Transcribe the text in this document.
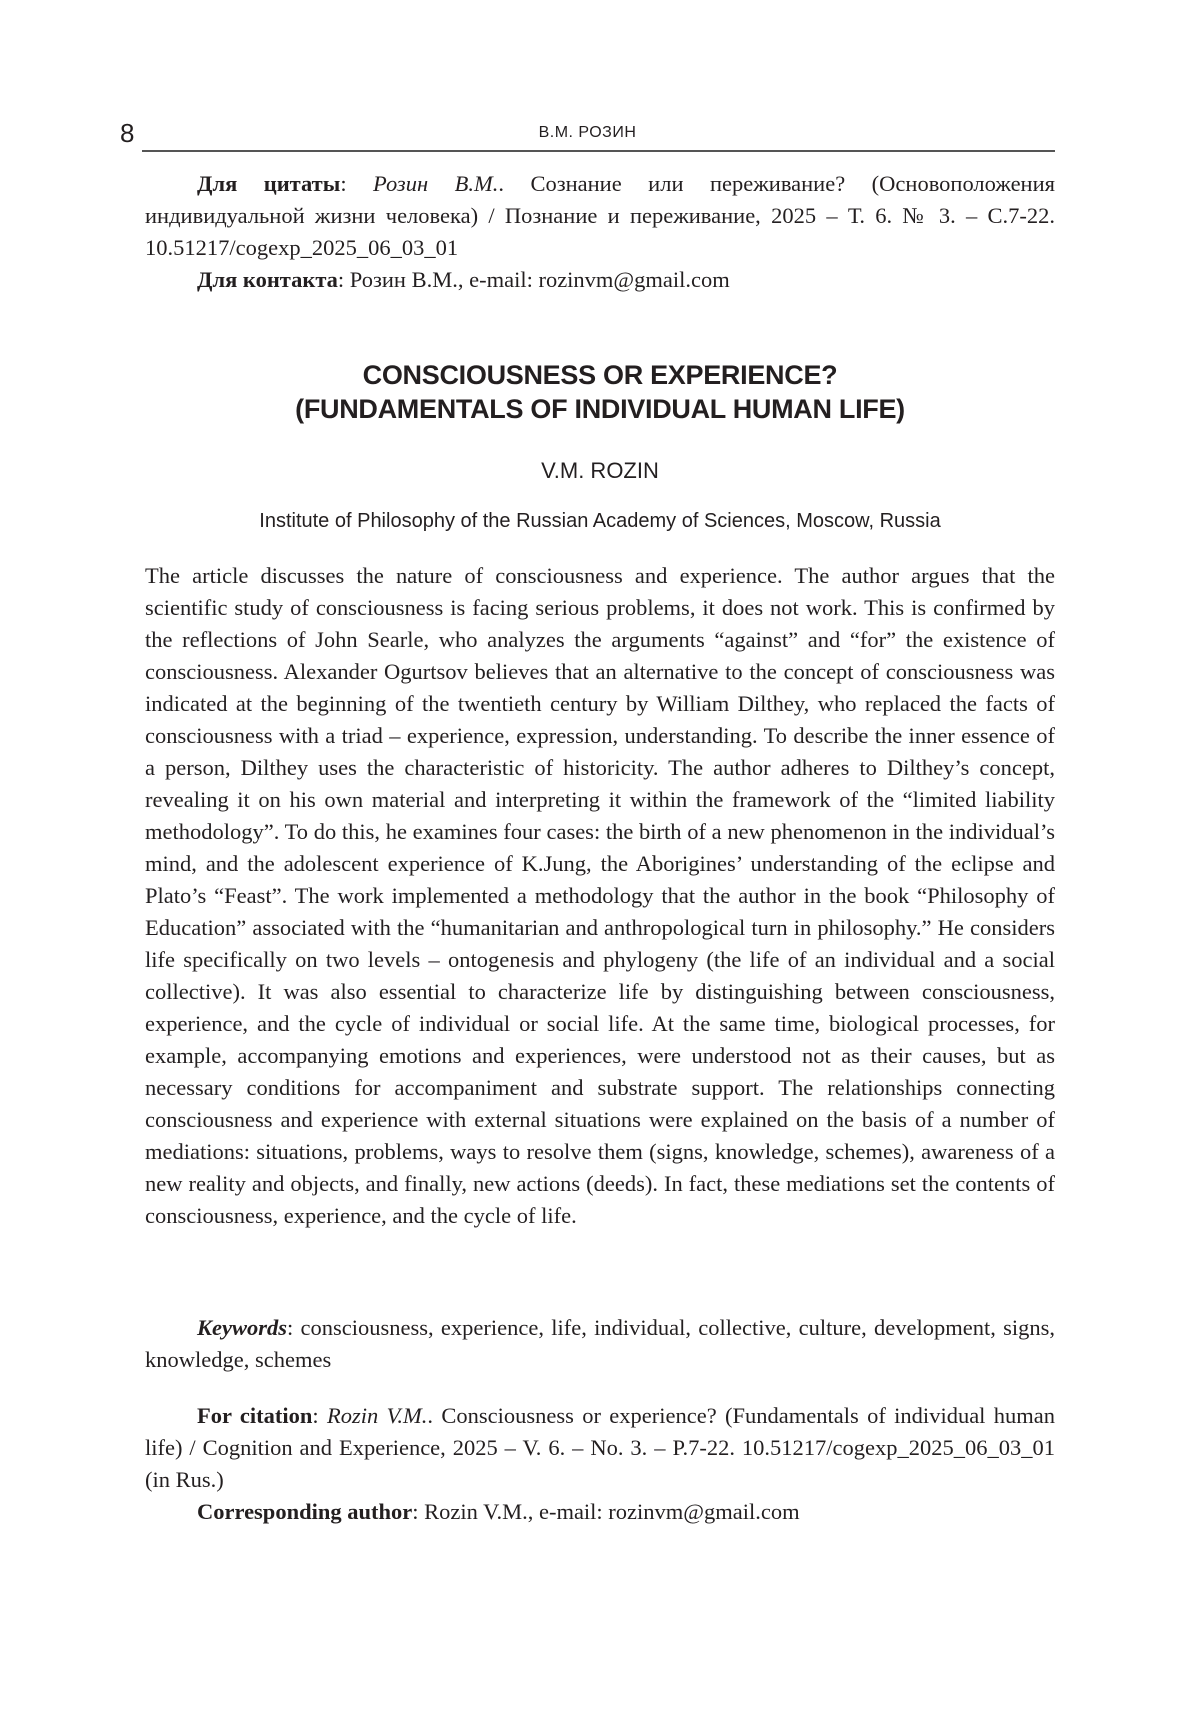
8	В.М. РОЗИН

Для цитаты: Розин В.М.. Сознание или переживание? (Основоположения индивидуальной жизни человека) / Познание и переживание, 2025 – Т. 6. № 3. – С.7-22. 10.51217/cogexp_2025_06_03_01

Для контакта: Розин В.М., e-mail: rozinvm@gmail.com

CONSCIOUSNESS OR EXPERIENCE?
(FUNDAMENTALS OF INDIVIDUAL HUMAN LIFE)
V.M. ROZIN
Institute of Philosophy of the Russian Academy of Sciences, Moscow, Russia

The article discusses the nature of consciousness and experience. The author argues that the scientific study of consciousness is facing serious problems, it does not work. This is confirmed by the reflections of John Searle, who analyzes the arguments “against” and “for” the existence of consciousness. Alexander Ogurtsov believes that an alternative to the concept of consciousness was indicated at the beginning of the twentieth century by William Dilthey, who replaced the facts of consciousness with a triad – experience, expression, understanding. To describe the inner essence of a person, Dilthey uses the characteristic of historicity. The author adheres to Dilthey’s concept, revealing it on his own material and interpreting it within the framework of the “limited liability methodology”. To do this, he examines four cases: the birth of a new phenomenon in the individual’s mind, and the adolescent experience of K.Jung, the Aborigines’ understanding of the eclipse and Plato’s “Feast”. The work implemented a methodology that the author in the book “Philosophy of Education” associated with the “humanitarian and anthropological turn in philosophy.” He considers life specifically on two levels – ontogenesis and phylogeny (the life of an individual and a social collective). It was also essential to characterize life by distinguishing between consciousness, experience, and the cycle of individual or social life. At the same time, biological processes, for example, accompanying emotions and experiences, were understood not as their causes, but as necessary conditions for accompaniment and substrate support. The relationships connecting consciousness and experience with external situations were explained on the basis of a number of mediations: situations, problems, ways to resolve them (signs, knowledge, schemes), awareness of a new reality and objects, and finally, new actions (deeds). In fact, these mediations set the contents of consciousness, experience, and the cycle of life.

Keywords: consciousness, experience, life, individual, collective, culture, development, signs, knowledge, schemes

For citation: Rozin V.M.. Consciousness or experience? (Fundamentals of individual human life) / Cognition and Experience, 2025 – V. 6. – No. 3. – P.7-22. 10.51217/cogexp_2025_06_03_01 (in Rus.)

Corresponding author: Rozin V.M., e-mail: rozinvm@gmail.com
